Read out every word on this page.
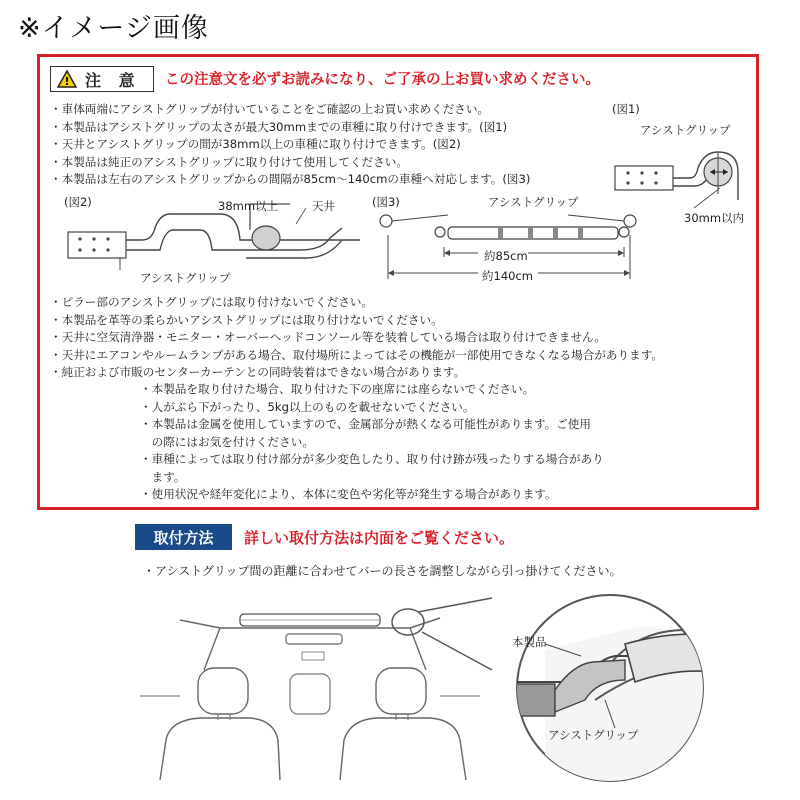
※イメージ画像
! 注 意 この注意文を必ずお読みになり、ご了承の上お買い求めください。
・車体両端にアシストグリップが付いていることをご確認の上お買い求めください。
・本製品はアシストグリップの太さが最大30mmまでの車種に取り付けできます。(図1)
・天井とアシストグリップの間が38mm以上の車種に取り付けできます。(図2)
・本製品は純正のアシストグリップに取り付けて使用してください。
・本製品は左右のアシストグリップからの間隔が85cm〜140cmの車種へ対応します。(図3)
(図1)
アシストグリップ
30mm以内
(図2)	38mm以上	天井
アシストグリップ
(図3)	アシストグリップ
約85cm
約140cm
・ピラー部のアシストグリップには取り付けないでください。
・本製品を革等の柔らかいアシストグリップには取り付けないでください。
・天井に空気清浄器・モニター・オーバーヘッドコンソール等を装着している場合は取り付けできません。
・天井にエアコンやルームランプがある場合、取付場所によってはその機能が一部使用できなくなる場合があります。
・純正および市販のセンターカーテンとの同時装着はできない場合があります。
・本製品を取り付けた場合、取り付けた下の座席には座らないでください。
・人がぶら下がったり、5kg以上のものを載せないでください。
・本製品は金属を使用していますので、金属部分が熱くなる可能性があります。ご使用
　の際にはお気を付けください。
・車種によっては取り付け部分が多少変色したり、取り付け跡が残ったりする場合があり
　ます。
・使用状況や経年変化により、本体に変色や劣化等が発生する場合があります。
取付方法	詳しい取付方法は内面をご覧ください。
・アシストグリップ間の距離に合わせてバーの長さを調整しながら引っ掛けてください。
本製品
アシストグリップ
